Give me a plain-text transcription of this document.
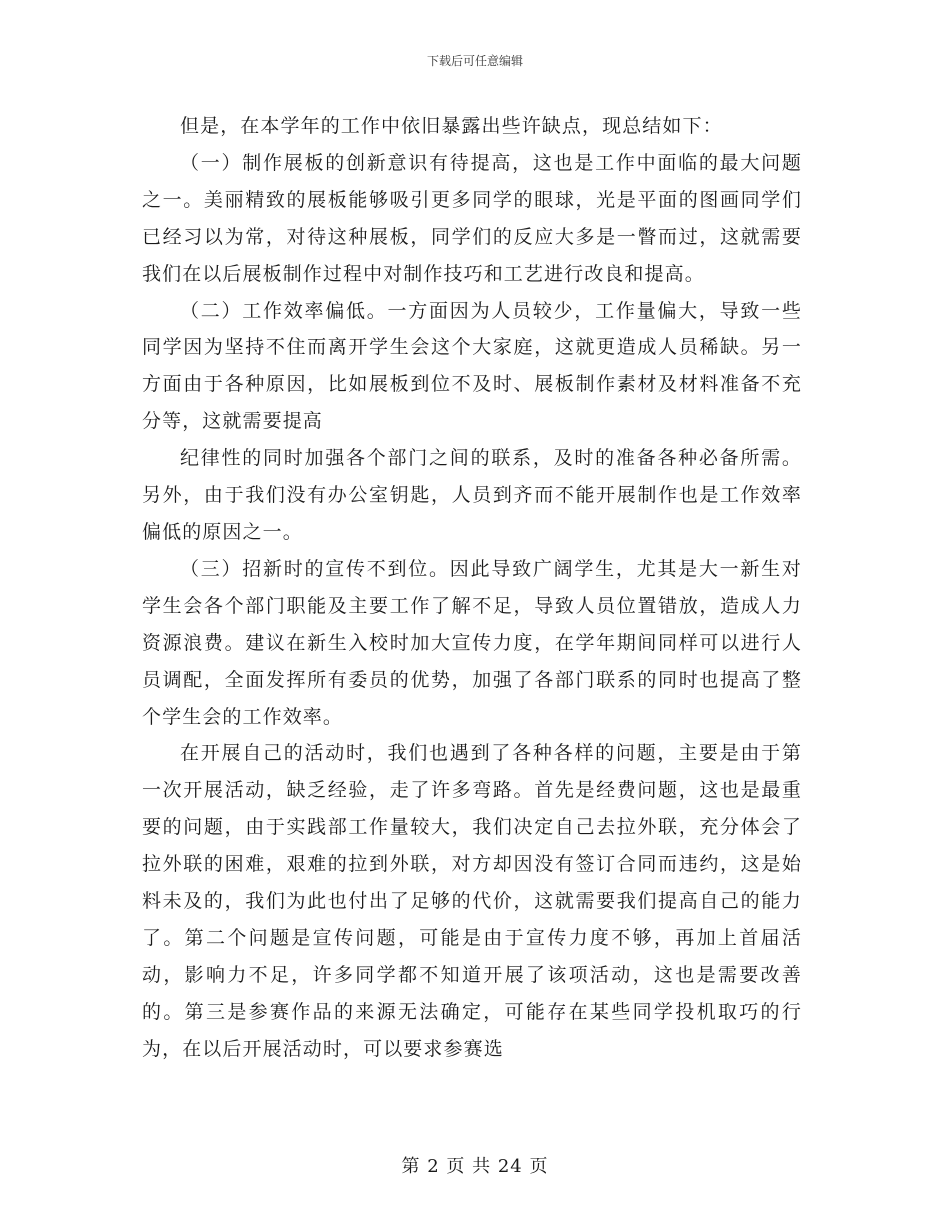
下载后可任意编辑

但是，在本学年的工作中依旧暴露出些许缺点，现总结如下：

（一）制作展板的创新意识有待提高，这也是工作中面临的最大问题之一。美丽精致的展板能够吸引更多同学的眼球，光是平面的图画同学们已经习以为常，对待这种展板，同学们的反应大多是一瞥而过，这就需要我们在以后展板制作过程中对制作技巧和工艺进行改良和提高。

（二）工作效率偏低。一方面因为人员较少，工作量偏大，导致一些同学因为坚持不住而离开学生会这个大家庭，这就更造成人员稀缺。另一方面由于各种原因，比如展板到位不及时、展板制作素材及材料准备不充分等，这就需要提高

纪律性的同时加强各个部门之间的联系，及时的准备各种必备所需。另外，由于我们没有办公室钥匙，人员到齐而不能开展制作也是工作效率偏低的原因之一。

（三）招新时的宣传不到位。因此导致广阔学生，尤其是大一新生对学生会各个部门职能及主要工作了解不足，导致人员位置错放，造成人力资源浪费。建议在新生入校时加大宣传力度，在学年期间同样可以进行人员调配，全面发挥所有委员的优势，加强了各部门联系的同时也提高了整个学生会的工作效率。

在开展自己的活动时，我们也遇到了各种各样的问题，主要是由于第一次开展活动，缺乏经验，走了许多弯路。首先是经费问题，这也是最重要的问题，由于实践部工作量较大，我们决定自己去拉外联，充分体会了拉外联的困难，艰难的拉到外联，对方却因没有签订合同而违约，这是始料未及的，我们为此也付出了足够的代价，这就需要我们提高自己的能力了。第二个问题是宣传问题，可能是由于宣传力度不够，再加上首届活动，影响力不足，许多同学都不知道开展了该项活动，这也是需要改善的。第三是参赛作品的来源无法确定，可能存在某些同学投机取巧的行为，在以后开展活动时，可以要求参赛选

第 2 页 共 24 页
